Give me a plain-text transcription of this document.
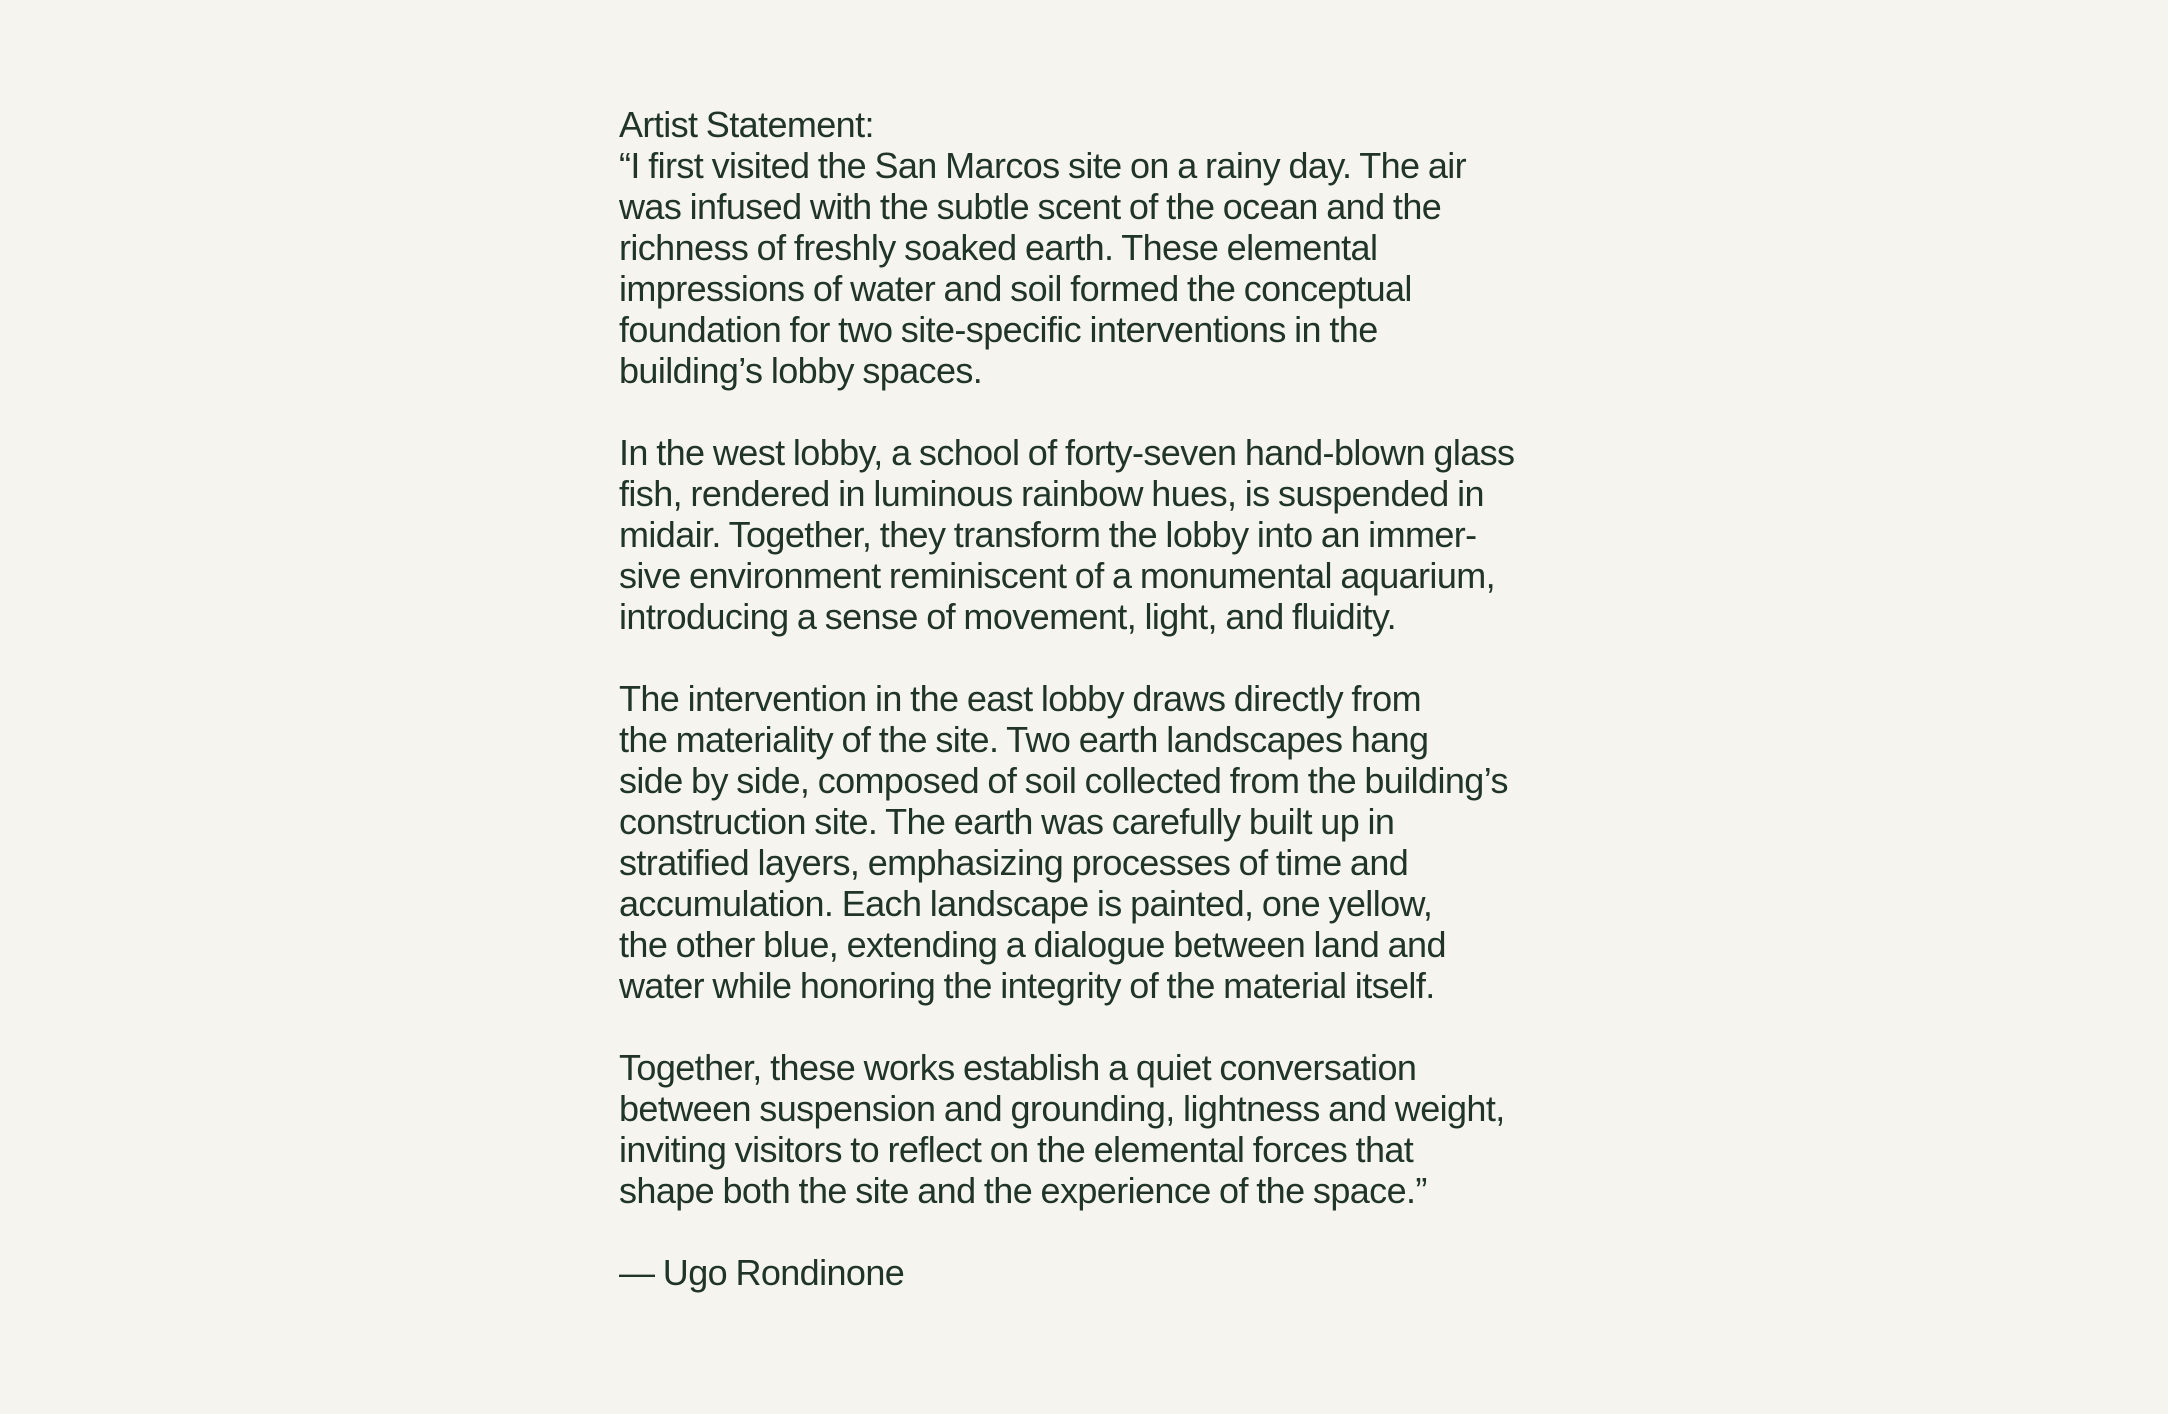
Artist Statement:
“I first visited the San Marcos site on a rainy day. The air
was infused with the subtle scent of the ocean and the
richness of freshly soaked earth. These elemental
impressions of water and soil formed the conceptual
foundation for two site-specific interventions in the
building’s lobby spaces.
In the west lobby, a school of forty-seven hand-blown glass
fish, rendered in luminous rainbow hues, is suspended in
midair. Together, they transform the lobby into an immer-
sive environment reminiscent of a monumental aquarium,
introducing a sense of movement, light, and fluidity.
The intervention in the east lobby draws directly from
the materiality of the site. Two earth landscapes hang
side by side, composed of soil collected from the building’s
construction site. The earth was carefully built up in
stratified layers, emphasizing processes of time and
accumulation. Each landscape is painted, one yellow,
the other blue, extending a dialogue between land and
water while honoring the integrity of the material itself.
Together, these works establish a quiet conversation
between suspension and grounding, lightness and weight,
inviting visitors to reflect on the elemental forces that
shape both the site and the experience of the space.”
— Ugo Rondinone
